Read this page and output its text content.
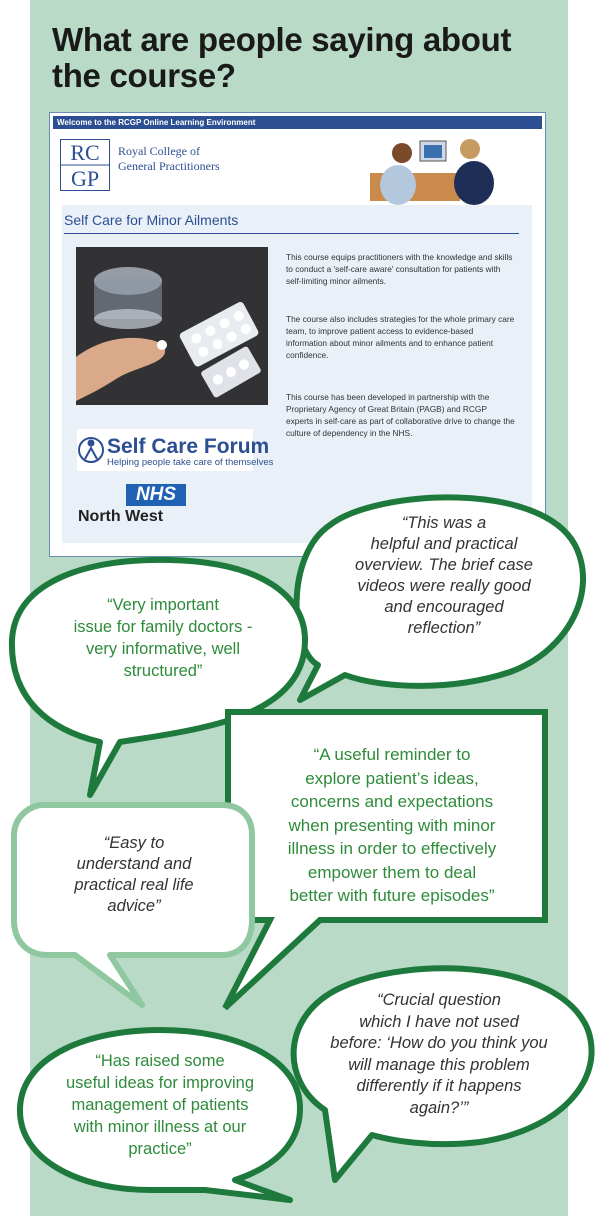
What are people saying about the course?
Welcome to the RCGP Online Learning Environment
RC
GP
Royal College of
General Practitioners
Self Care for Minor Ailments

This course equips practitioners with the knowledge and skills to conduct a 'self-care aware' consultation for patients with self-limiting minor ailments.

The course also includes strategies for the whole primary care team, to improve patient access to evidence-based information about minor ailments and to enhance patient confidence.

This course has been developed in partnership with the Proprietary Agency of Great Britain (PAGB) and RCGP experts in self-care as part of collaborative drive to change the culture of dependency in the NHS.

Self Care Forum
Helping people take care of themselves
NHS
North West	“This was a
helpful and practical
overview. The brief case
videos were really good
and encouraged
reflection”
“Very important
issue for family doctors -
very informative, well
structured”
“A useful reminder to
explore patient’s ideas,
concerns and expectations
when presenting with minor
illness in order to effectively
empower them to deal
better with future episodes”
“Easy to
understand and
practical real life
advice”
“Crucial question
which I have not used
before: ‘How do you think you
will manage this problem
differently if it happens
again?’”
“Has raised some
useful ideas for improving
management of patients
with minor illness at our
practice”
